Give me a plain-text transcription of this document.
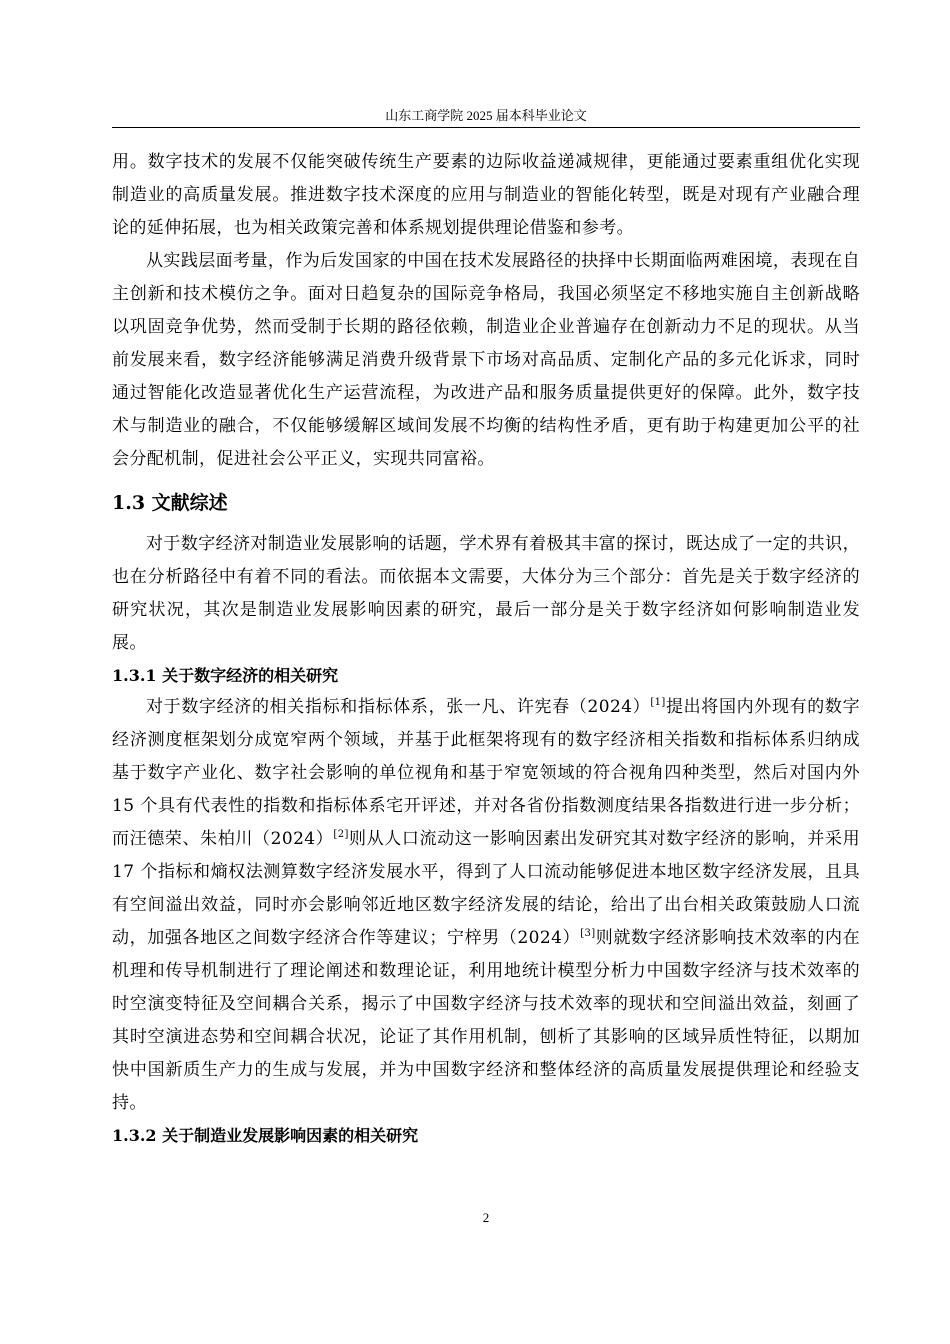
山东工商学院 2025 届本科毕业论文

用。数字技术的发展不仅能突破传统生产要素的边际收益递减规律，更能通过要素重组优化实现制造业的高质量发展。推进数字技术深度的应用与制造业的智能化转型，既是对现有产业融合理论的延伸拓展，也为相关政策完善和体系规划提供理论借鉴和参考。

从实践层面考量，作为后发国家的中国在技术发展路径的抉择中长期面临两难困境，表现在自主创新和技术模仿之争。面对日趋复杂的国际竞争格局，我国必须坚定不移地实施自主创新战略以巩固竞争优势，然而受制于长期的路径依赖，制造业企业普遍存在创新动力不足的现状。从当前发展来看，数字经济能够满足消费升级背景下市场对高品质、定制化产品的多元化诉求，同时通过智能化改造显著优化生产运营流程，为改进产品和服务质量提供更好的保障。此外，数字技术与制造业的融合，不仅能够缓解区域间发展不均衡的结构性矛盾，更有助于构建更加公平的社会分配机制，促进社会公平正义，实现共同富裕。

1.3 文献综述

对于数字经济对制造业发展影响的话题，学术界有着极其丰富的探讨，既达成了一定的共识，也在分析路径中有着不同的看法。而依据本文需要，大体分为三个部分：首先是关于数字经济的研究状况，其次是制造业发展影响因素的研究，最后一部分是关于数字经济如何影响制造业发展。

1.3.1 关于数字经济的相关研究

对于数字经济的相关指标和指标体系，张一凡、许宪春（2024）[1]提出将国内外现有的数字经济测度框架划分成宽窄两个领域，并基于此框架将现有的数字经济相关指数和指标体系归纳成基于数字产业化、数字社会影响的单位视角和基于窄宽领域的符合视角四种类型，然后对国内外 15 个具有代表性的指数和指标体系宅开评述，并对各省份指数测度结果各指数进行进一步分析；而汪德荣、朱柏川（2024）[2]则从人口流动这一影响因素出发研究其对数字经济的影响，并采用 17 个指标和熵权法测算数字经济发展水平，得到了人口流动能够促进本地区数字经济发展，且具有空间溢出效益，同时亦会影响邻近地区数字经济发展的结论，给出了出台相关政策鼓励人口流动，加强各地区之间数字经济合作等建议；宁梓男（2024）[3]则就数字经济影响技术效率的内在机理和传导机制进行了理论阐述和数理论证，利用地统计模型分析力中国数字经济与技术效率的时空演变特征及空间耦合关系，揭示了中国数字经济与技术效率的现状和空间溢出效益，刻画了其时空演进态势和空间耦合状况，论证了其作用机制，刨析了其影响的区域异质性特征，以期加快中国新质生产力的生成与发展，并为中国数字经济和整体经济的高质量发展提供理论和经验支持。

1.3.2 关于制造业发展影响因素的相关研究
2
